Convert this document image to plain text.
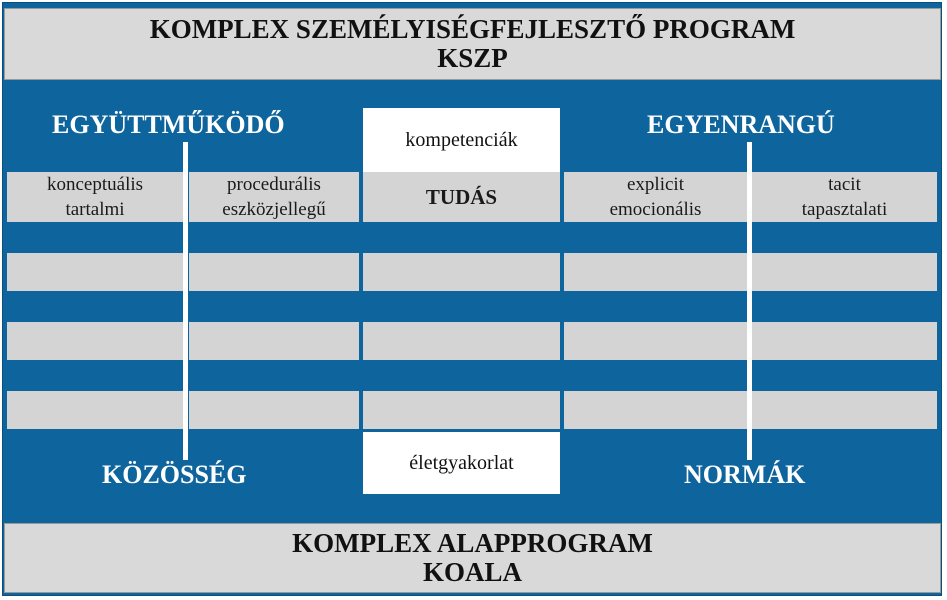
KOMPLEX SZEMÉLYISÉGFEJLESZTŐ PROGRAM
KSZP
kompetenciák
életgyakorlat
konceptuális
tartalmi
procedurális
eszközjellegű
TUDÁS	explicit
emocionális
tacit
tapasztalati
EGYÜTTMŰKÖDŐ
KÖZÖSSÉG
EGYENRANGÚ
NORMÁK
KOMPLEX ALAPPROGRAM
KOALA
